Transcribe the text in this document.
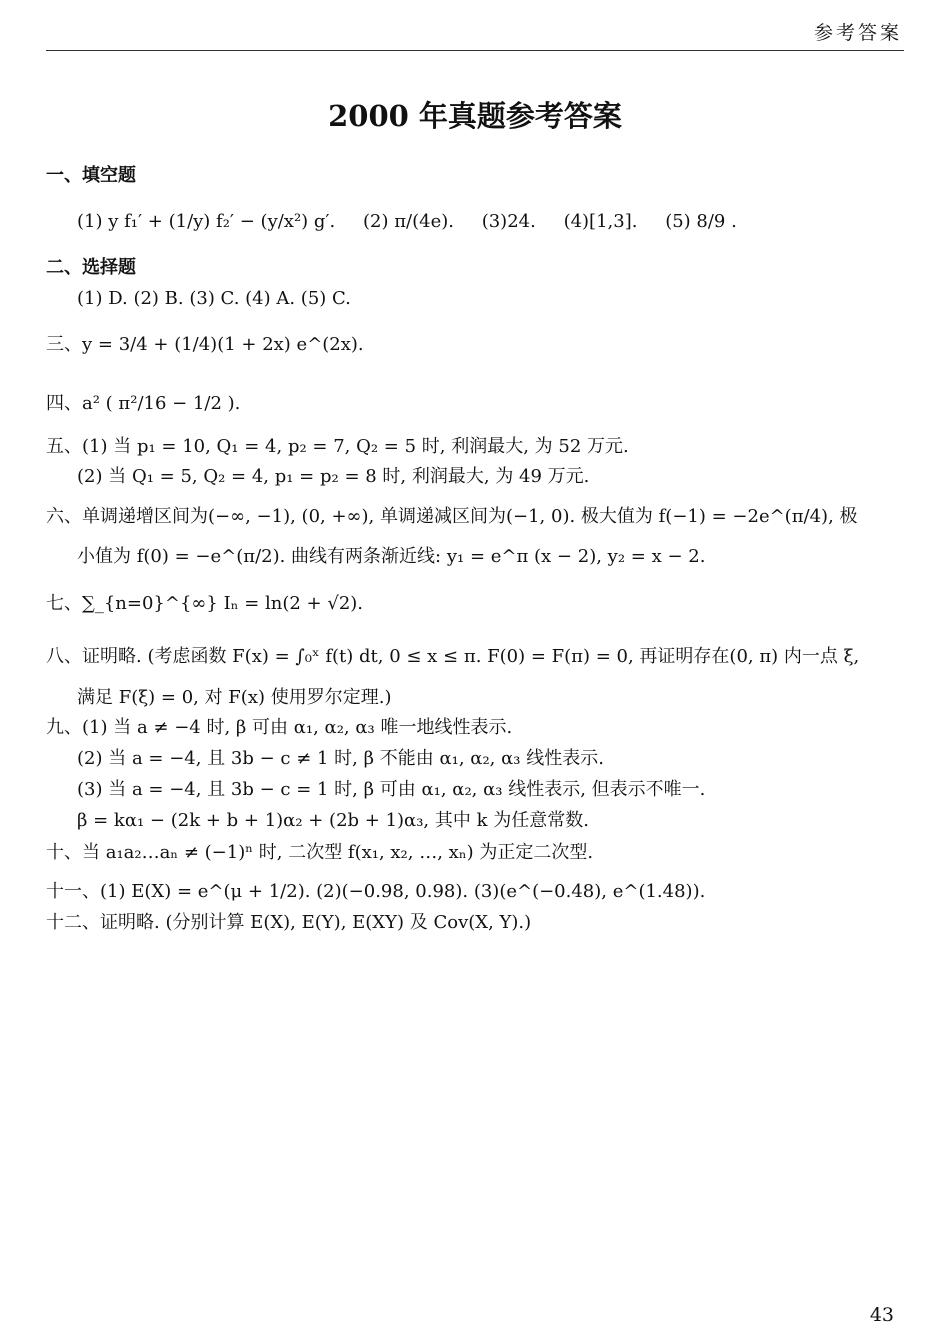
参考答案
2000 年真题参考答案
一、填空题
(1) y f₁′ + (1/y) f₂′ − (y/x²) g′. (2) π/(4e). (3)24. (4)[1,3]. (5) 8/9 .
二、选择题
(1) D. (2) B. (3) C. (4) A. (5) C.
三、y = 3/4 + (1/4)(1 + 2x) e^(2x).
四、a² ( π²/16 − 1/2 ).
五、(1) 当 p₁ = 10, Q₁ = 4, p₂ = 7, Q₂ = 5 时, 利润最大, 为 52 万元.
(2) 当 Q₁ = 5, Q₂ = 4, p₁ = p₂ = 8 时, 利润最大, 为 49 万元.
六、单调递增区间为(−∞, −1), (0, +∞), 单调递减区间为(−1, 0). 极大值为 f(−1) = −2e^(π/4), 极
小值为 f(0) = −e^(π/2). 曲线有两条渐近线: y₁ = e^π (x − 2), y₂ = x − 2.
七、∑_{n=0}^{∞} Iₙ = ln(2 + √2).
八、证明略. (考虑函数 F(x) = ∫₀ˣ f(t) dt, 0 ≤ x ≤ π. F(0) = F(π) = 0, 再证明存在(0, π) 内一点 ξ,
满足 F(ξ) = 0, 对 F(x) 使用罗尔定理.)
九、(1) 当 a ≠ −4 时, β 可由 α₁, α₂, α₃ 唯一地线性表示.
(2) 当 a = −4, 且 3b − c ≠ 1 时, β 不能由 α₁, α₂, α₃ 线性表示.
(3) 当 a = −4, 且 3b − c = 1 时, β 可由 α₁, α₂, α₃ 线性表示, 但表示不唯一.
β = kα₁ − (2k + b + 1)α₂ + (2b + 1)α₃, 其中 k 为任意常数.
十、当 a₁a₂…aₙ ≠ (−1)ⁿ 时, 二次型 f(x₁, x₂, …, xₙ) 为正定二次型.
十一、(1) E(X) = e^(μ + 1/2). (2)(−0.98, 0.98). (3)(e^(−0.48), e^(1.48)).
十二、证明略. (分别计算 E(X), E(Y), E(XY) 及 Cov(X, Y).)
43
